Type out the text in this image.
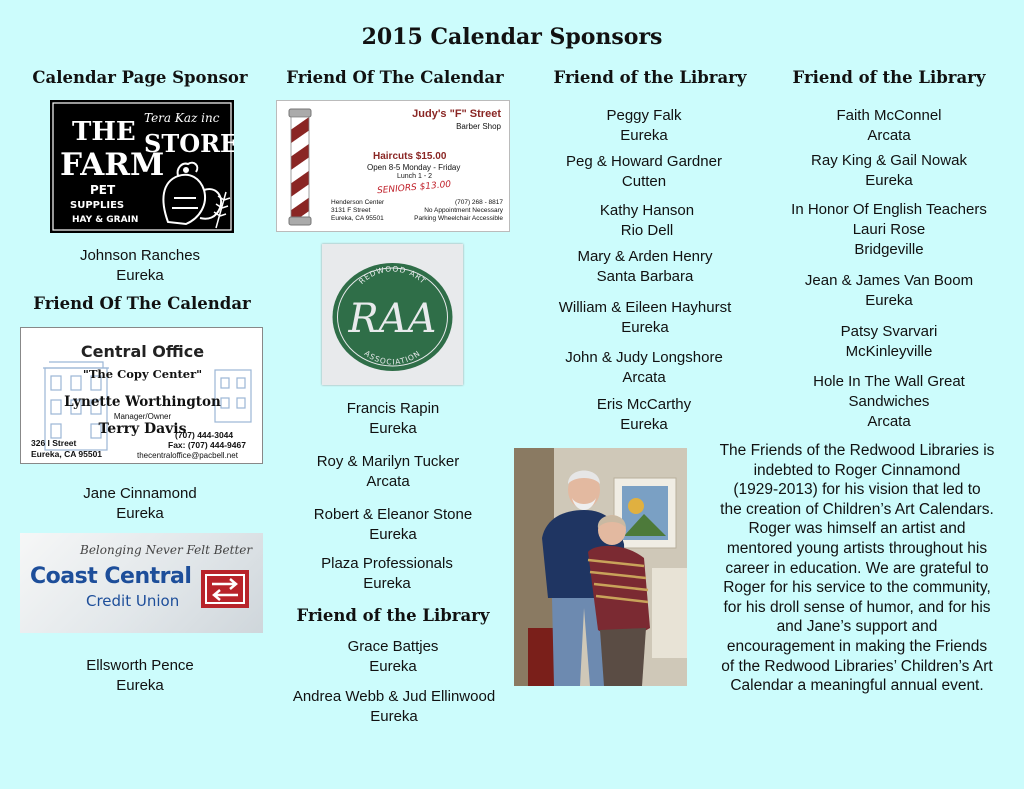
2015 Calendar Sponsors
Calendar Page Sponsor
THE Tera Kaz inc
FARM
STORE
PET
SUPPLIES
HAY & GRAIN
Johnson Ranches
Eureka
Friend Of The Calendar
Central Office
"The Copy Center"
Lynette Worthington
Manager/Owner
Terry Davis
(707) 444-3044
326 I Street	Fax: (707) 444-9467
Eureka, CA 95501	thecentraloffice@pacbell.net
Jane Cinnamond
Eureka
Belonging Never Felt Better
Coast Central
Credit Union
Ellsworth Pence
Eureka
Friend Of The Calendar
Judy's "F" Street
Barber Shop
Haircuts $15.00
Open 8-5 Monday - Friday
Lunch 1 - 2
SENIORS $13.00
Henderson Center
3131 F Street
Eureka, CA 95501
(707) 268 - 8817
No Appointment Necessary
Parking Wheelchair Accessible
REDWOOD ART
RAA
ASSOCIATION
Francis Rapin
Eureka
Roy & Marilyn Tucker
Arcata
Robert & Eleanor Stone
Eureka
Plaza Professionals
Eureka
Friend of the Library
Grace Battjes
Eureka
Andrea Webb & Jud Ellinwood
Eureka
Friend of the Library
Peggy Falk
Eureka
Peg & Howard Gardner
Cutten
Kathy Hanson
Rio Dell
Mary & Arden Henry
Santa Barbara
William & Eileen Hayhurst
Eureka
John & Judy Longshore
Arcata
Eris McCarthy
Eureka
Friend of the Library
Faith McConnel
Arcata
Ray King & Gail Nowak
Eureka
In Honor Of English Teachers
Lauri Rose
Bridgeville
Jean & James Van Boom
Eureka
Patsy Svarvari
McKinleyville
Hole In The Wall Great
Sandwiches
Arcata
The Friends of the Redwood Libraries is
indebted to Roger Cinnamond
(1929-2013) for his vision that led to
the creation of Children’s Art Calendars.
Roger was himself an artist and
mentored young artists throughout his
career in education. We are grateful to
Roger for his service to the community,
for his droll sense of humor, and for his
and Jane’s support and
encouragement in making the Friends
of the Redwood Libraries’ Children’s Art
Calendar a meaningful annual event.
